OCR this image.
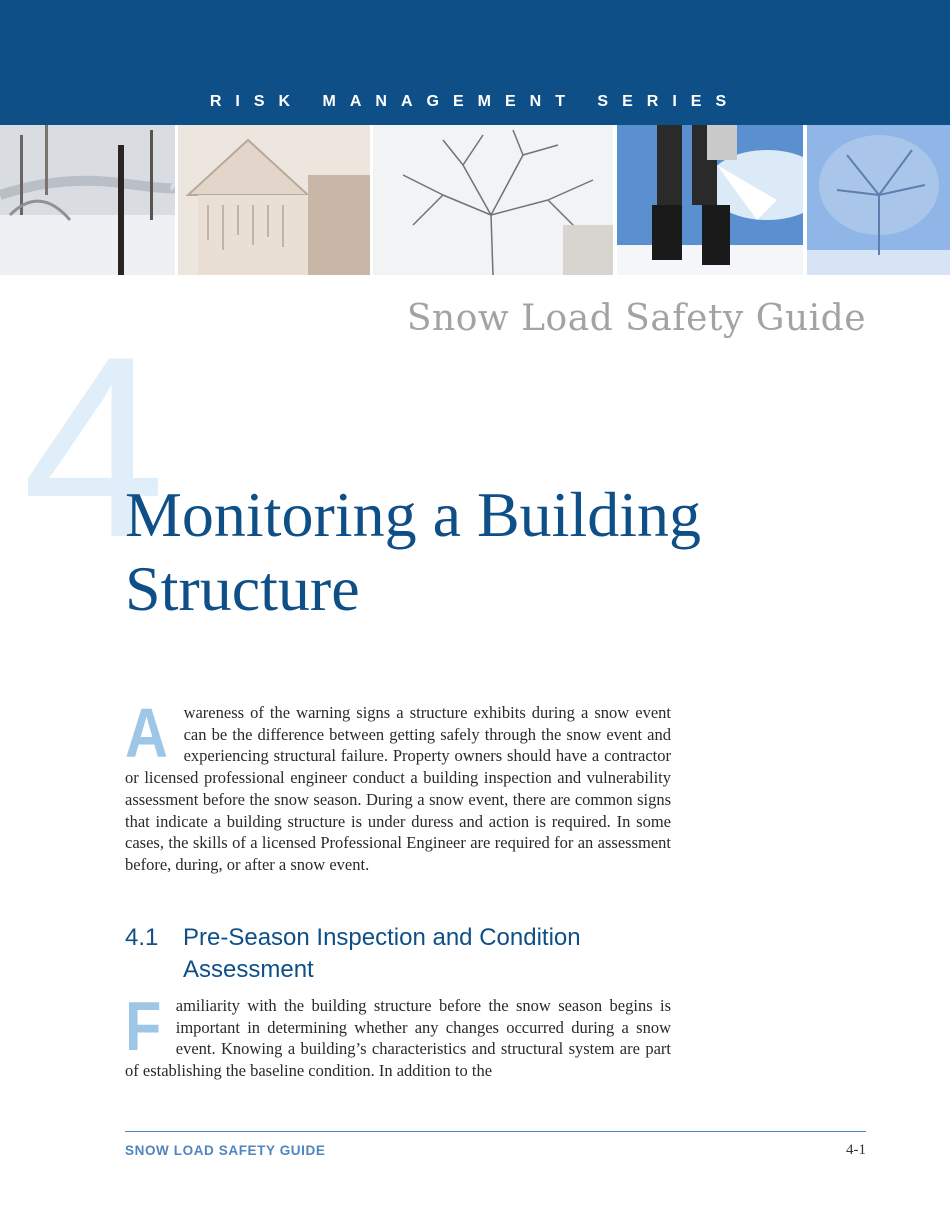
RISK MANAGEMENT SERIES
Snow Load Safety Guide
4
Monitoring a Building Structure
A wareness of the warning signs a structure exhibits during a snow event can be the difference between getting safely through the snow event and experiencing structural failure. Property owners should have a contractor or licensed professional engineer conduct a building inspection and vulnerability assessment before the snow season. During a snow event, there are common signs that indicate a building structure is under duress and action is required. In some cases, the skills of a licensed Professional Engineer are required for an assessment before, during, or after a snow event.
4.1 Pre-Season Inspection and Condition Assessment
F amiliarity with the building structure before the snow season begins is important in determining whether any changes occurred during a snow event. Knowing a building’s characteristics and structural system are part of establishing the baseline condition. In addition to the
SNOW LOAD SAFETY GUIDE	4-1
